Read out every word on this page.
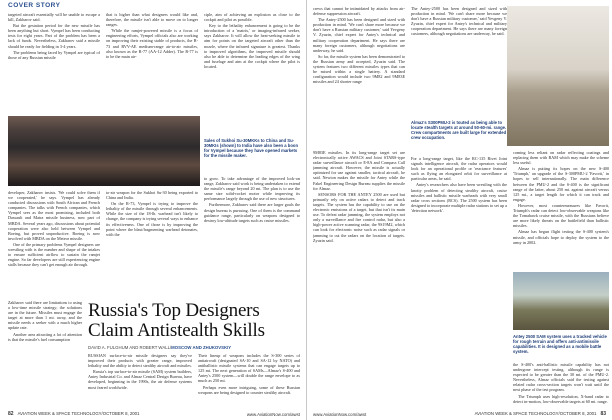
COVER STORY

targeted aircraft essentially will be unable to escape a kill, Zakharov said.

But the gestation period for the new missile has been anything but short. Vympel has been conducting tests for eight years. Part of the problem has been a lack of funds. Nevertheless, Zakharov said a missile should be ready for fielding in 3-4 years.

The problems being faced by Vympel are typical of those of any Russian missile

that is higher than what designers would like and, therefore, the missile isn't able to move on to longer ranges.

'While the ramjet-powered missile is a focus of engineering efforts, Vympel officials also are working on improving their existing stable of products, the R-73 and RVV-AE medium-range air-to-air missiles, also known as the R-77 (AA-12 Adder). The R-77 is to be the main air-

ciple, aim of achieving an explosion as close to the cockpit and pilot as possible.

Key to the lethality enhancement is going to be the introduction of a 'matrix,' or imaging-infrared seeker, says Zakharov. It will allow the heat-seeking missile to aim for points on the targeted aircraft other than the nozzle, where the infrared signature is greatest. Thanks to improved algorithms, the improved missile should also be able to determine the leading edges of the wing and fuselage and aim at the cockpit where the pilot is located.

Sales of Sukhoi Su-30MKKs to China and Su-30MKIs (shown) to India have also been a boon for Vympel because they have opened markets for the missile maker.

developer, Zakharov insists. 'We could solve them if we cooperated,' he says. Vympel has already conducted discussions with South African and French companies. The talks with French companies, which Vympel sees as the most promising, included both Dassault and Matra missile business, now part of MBDA. Several years ago, discussions about potential cooperation were also held between Vympel and Boeing, but proved unproductive. Boeing is now involved with MBDA on the Meteor missile.

One of the primary problems Vympel designers are wrestling with is the number and shape of the intakes to ensure sufficient airflow to sustain the ramjet engine. So far developers are still experiencing engine stalls because they can't get enough air through.

to-air weapon for the Sukhoi Su-30 being exported to China and India.

On the R-73, Vympel is trying to improve the lethality of the missile through several enhancements. While the size of the 18-lb. warhead isn't likely to change, the company is trying several ways to enhance its effectiveness. One of those is by improving the point where the blast/fragmenting warhead detonates, with the

to grow. To take advantage of the improved lock-on range, Zakharov said work is being undertaken to extend the missile's range beyond 20 mi. The plan is to use the same size solid-rocket motor while improving its performance largely through the use of new structures.

Furthermore, Zakharov said there are larger goals the design bureau is pursuing. One of them is the command guidance range, particularly on weapons designed to destroy low-altitude targets such as cruise missiles.

Russia's Top Designers Claim Antistealth Skills
DAVID A. FULGHUM AND ROBERT WALL/MOSCOW AND ZHUKOVSKIY

Zakharov said there are limitations to using a low-time missile strategy; the solutions are in the future. Missiles must engage the target at more than 1 mi. away, and the missile needs a seeker with a much higher update rate.

Another area attracting a lot of attention is that the missile's fuel consumption

RUSSIAN surface-to-air missile designers say they've improved their products with greater range, improved lethality and the ability to detect stealthy aircraft and missiles.

Russia's top surface-to-air missile (SAM) system builders, Antey Industrial Co. and Almaz Central Design Bureau, have developed, beginning in the 1990s, the air defense systems most feared worldwide.

Their lineup of weapons includes the S-300 series of antiaircraft (designated SA-10 and SA-12 by NATO) and antiballistic missile systems that can engage targets up to 125 mi. The next generation of SAMs—Almaz's S-400 and Antey's 2500 system—will double the range envelope to as much as 250 mi.

Perhaps even more intriguing, some of these Russian weapons are being designed to counter stealthy aircraft.

82 AVIATION WEEK & SPACE TECHNOLOGY/OCTOBER 8, 2001	www.AviationNow.com/awst

crews that cannot be intimidated by attacks from air-defense suppression aircraft.

The Antey-2500 has been designed and sized with production in mind. 'We can't share more because we don't have a Russian military customer,' said Yevgeny V. Zyuzin, chief expert for Antey's technical and military cooperation department. He says there are many foreign customers, although negotiations are underway, he said.

So far, the missile system has been demonstrated to the Russian army and accepted, Zyuzin said. The system features two different missiles types that can be mixed within a single battery. A standard configuration would include two 9M82 and 9M83E missiles and 24 shorter range

The Antey-2500 has been designed and sized with production in mind. 'We can't share more because we don't have a Russian military customer,' said Yevgeny V. Zyuzin, chief expert for Antey's technical and military cooperation department. He says there are many foreign customers, although negotiations are underway, he said.

Almaz's S300PMU-2 is touted as being able to locate stealth targets at around 50-60-mi. range. Crew compartments are built large for extended crew occupation.

9M83E missiles. In its long-range target set are electronically active AWACS and Joint STARS-type radar surveillance aircraft or E-8A and Compass Call jamming aircraft. However, the missile is actually optimized for use against smaller, tactical aircraft, he said. Newton makes the missile for Antey while the Fakel Engineering Design Bureau supplies the missile for Almaz.

SENSORS FOR THE ANTEY 2500 are used but primarily rely on active radars to detect and track targets. The system has the capability to use on the electronic emissions of a target, but that isn't its main use. To defeat radar jamming, the system employs not only a surveillance and fire control radar, but also a high-power active scanning radar, the 9S19M2, which can look for electronic noise such as radar signals or jamming to cut the radars on the location of targets. Zyuzin said.

For a long-range target, like the RC-135 Rivet Joint signals intelligence aircraft, the radar operators would look for an operational profile or 'reactance features' such as flying an elongated orbit for surveillance at particular areas, he said.

Antey's researchers also have been wrestling with the knotty problem of detecting stealthy aircraft, cruise missiles and ballistic missile warheads with very small radar cross sections (RCS). The 2500 system has been designed to incorporate multiple radar stations to set up a 'detection network'.

coming less reliant on radar reflecting coatings and replacing them with RAM which may make the scheme less useful.

Almaz is putting its hopes on the new S-400 'Triumph,' an upgrade of the S-300PMU-2 'Favorit,' in hopes to sell internationally. The main difference between the PMU-2 and the S-400 is the significant range of the latter, about 250 mi. against aircraft versus 125 mi., a target length for which it can track and engage.

However, most countermeasures like Favorit, Triumph's radar can detect low-observable weapons like the Tomahawk cruise missile, with the Russians believe are more likely threats on the battlefield than ballistic missiles.

Almaz has begun flight testing the S-400 system's missile, and officials hope to deploy the system to the army in 2002.

Antey 2500 SAM system uses a tracked vehicle for rough terrain and offers anti-antimissile capabilities. It is designed as a mobile battle system.

the S-400's anti-ballistic missile capability has not undergone intercept testing, although its range is expected to be greater than the 30 mi. of the PMU-2. Nevertheless, Almaz officials said the testing against related radar cross-section targets won't wait until the next phase of the test program.

The Triumph uses high-resolution, X-band radar to detect in-motion, low-observable targets at 60 mi. range.

www.AviationNow.com/awst	AVIATION WEEK & SPACE TECHNOLOGY/OCTOBER 8, 2001 83
